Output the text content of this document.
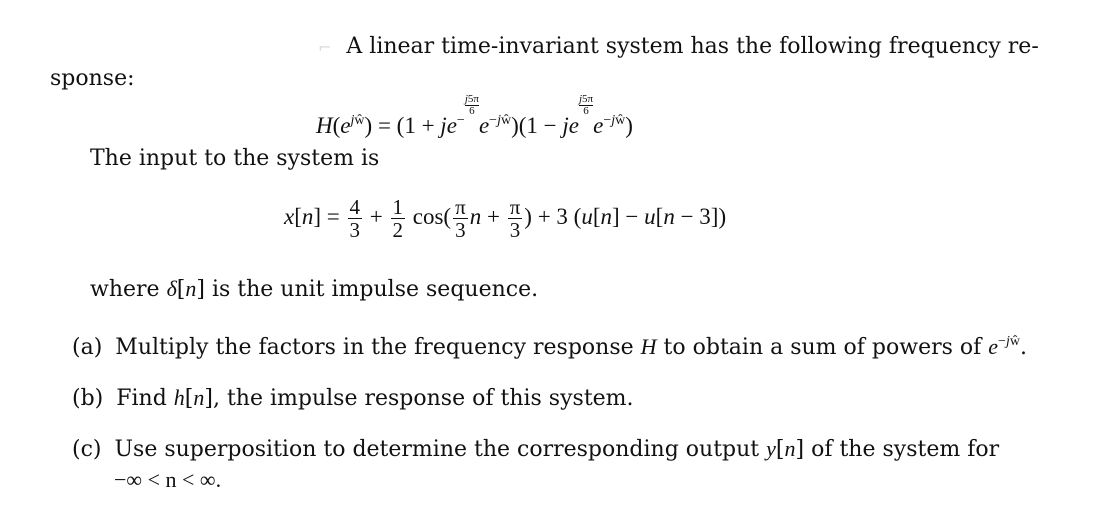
⌐ A linear time-invariant system has the following frequency re-
sponse:
$H(e^{jŵ}) = (1 + je^{- \frac{j5\pi}{6}}$
$e^{-jŵ})(1$ − je
$^{\frac{j5\pi}{6}}$
$e^{-jŵ}$)
The input to the system is
$x[n] = \frac{4}{3} + \frac{1}{2} \cos( \frac{\pi}{3}$ $n + \frac{\pi}{3}$ ) + 3 (u[n] − u[n − 3])
where δ[n] is the unit impulse sequence.
(a) Multiply the factors in the frequency response H to obtain a sum of powers of $e^{-jŵ}$.
(b) Find h[n], the impulse response of this system.
(c) Use superposition to determine the corresponding output y[n] of the system for
−∞ < n < ∞.
